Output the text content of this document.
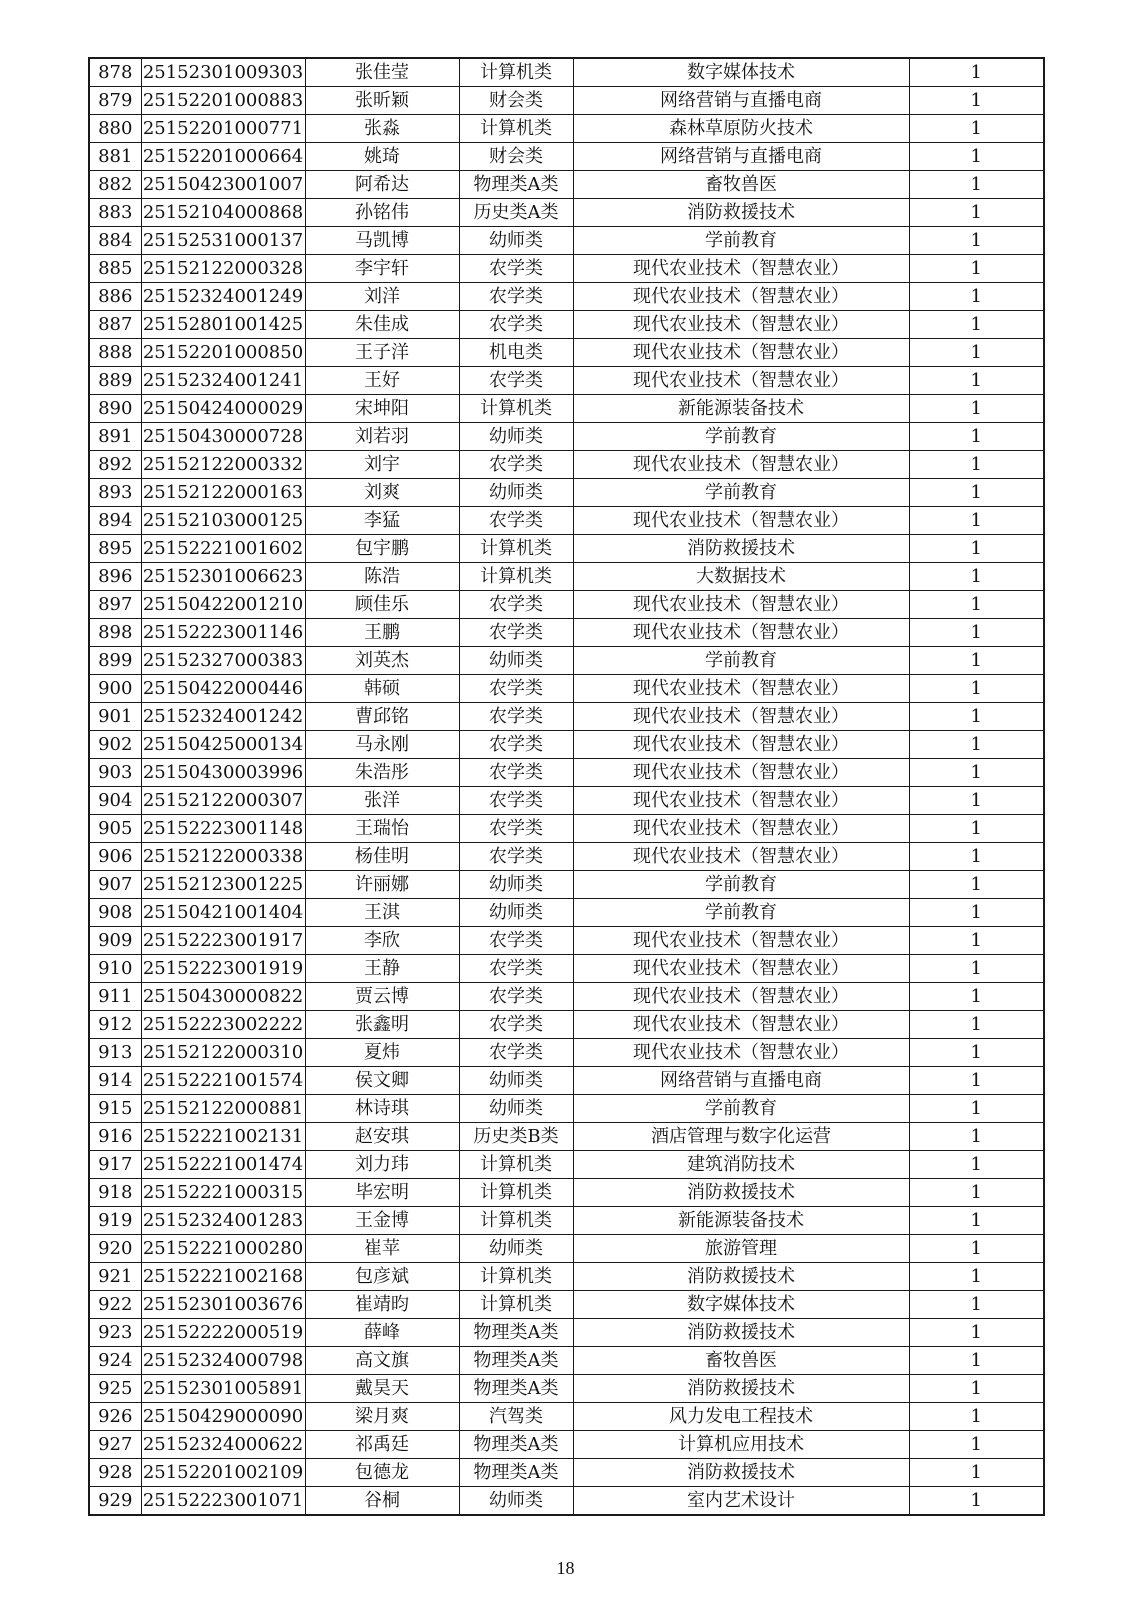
878	25152301009303	张佳莹	计算机类	数字媒体技术	1
879	25152201000883	张昕颖	财会类	网络营销与直播电商	1
880	25152201000771	张淼	计算机类	森林草原防火技术	1
881	25152201000664	姚琦	财会类	网络营销与直播电商	1
882	25150423001007	阿希达	物理类A类	畜牧兽医	1
883	25152104000868	孙铭伟	历史类A类	消防救援技术	1
884	25152531000137	马凯博	幼师类	学前教育	1
885	25152122000328	李宇轩	农学类	现代农业技术（智慧农业）	1
886	25152324001249	刘洋	农学类	现代农业技术（智慧农业）	1
887	25152801001425	朱佳成	农学类	现代农业技术（智慧农业）	1
888	25152201000850	王子洋	机电类	现代农业技术（智慧农业）	1
889	25152324001241	王好	农学类	现代农业技术（智慧农业）	1
890	25150424000029	宋坤阳	计算机类	新能源装备技术	1
891	25150430000728	刘若羽	幼师类	学前教育	1
892	25152122000332	刘宇	农学类	现代农业技术（智慧农业）	1
893	25152122000163	刘爽	幼师类	学前教育	1
894	25152103000125	李猛	农学类	现代农业技术（智慧农业）	1
895	25152221001602	包宇鹏	计算机类	消防救援技术	1
896	25152301006623	陈浩	计算机类	大数据技术	1
897	25150422001210	顾佳乐	农学类	现代农业技术（智慧农业）	1
898	25152223001146	王鹏	农学类	现代农业技术（智慧农业）	1
899	25152327000383	刘英杰	幼师类	学前教育	1
900	25150422000446	韩硕	农学类	现代农业技术（智慧农业）	1
901	25152324001242	曹邱铭	农学类	现代农业技术（智慧农业）	1
902	25150425000134	马永刚	农学类	现代农业技术（智慧农业）	1
903	25150430003996	朱浩彤	农学类	现代农业技术（智慧农业）	1
904	25152122000307	张洋	农学类	现代农业技术（智慧农业）	1
905	25152223001148	王瑞怡	农学类	现代农业技术（智慧农业）	1
906	25152122000338	杨佳明	农学类	现代农业技术（智慧农业）	1
907	25152123001225	许丽娜	幼师类	学前教育	1
908	25150421001404	王淇	幼师类	学前教育	1
909	25152223001917	李欣	农学类	现代农业技术（智慧农业）	1
910	25152223001919	王静	农学类	现代农业技术（智慧农业）	1
911	25150430000822	贾云博	农学类	现代农业技术（智慧农业）	1
912	25152223002222	张鑫明	农学类	现代农业技术（智慧农业）	1
913	25152122000310	夏炜	农学类	现代农业技术（智慧农业）	1
914	25152221001574	侯文卿	幼师类	网络营销与直播电商	1
915	25152122000881	林诗琪	幼师类	学前教育	1
916	25152221002131	赵安琪	历史类B类	酒店管理与数字化运营	1
917	25152221001474	刘力玮	计算机类	建筑消防技术	1
918	25152221000315	毕宏明	计算机类	消防救援技术	1
919	25152324001283	王金博	计算机类	新能源装备技术	1
920	25152221000280	崔苹	幼师类	旅游管理	1
921	25152221002168	包彦斌	计算机类	消防救援技术	1
922	25152301003676	崔靖昀	计算机类	数字媒体技术	1
923	25152222000519	薛峰	物理类A类	消防救援技术	1
924	25152324000798	高文旗	物理类A类	畜牧兽医	1
925	25152301005891	戴昊天	物理类A类	消防救援技术	1
926	25150429000090	梁月爽	汽驾类	风力发电工程技术	1
927	25152324000622	祁禹廷	物理类A类	计算机应用技术	1
928	25152201002109	包德龙	物理类A类	消防救援技术	1
929	25152223001071	谷桐	幼师类	室内艺术设计	1
18
